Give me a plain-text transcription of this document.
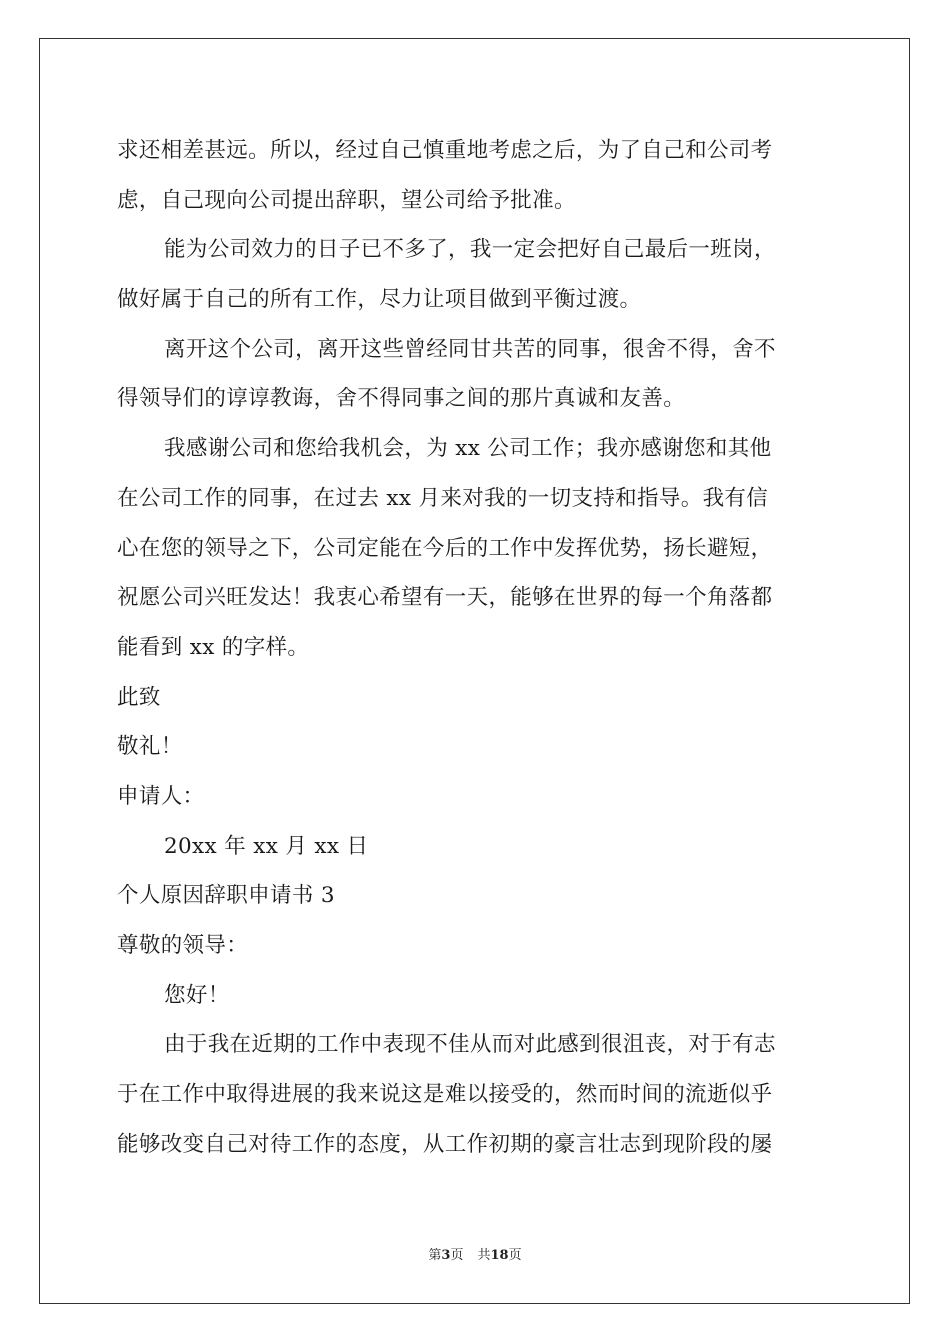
求还相差甚远。所以，经过自己慎重地考虑之后，为了自己和公司考
虑，自己现向公司提出辞职，望公司给予批准。
能为公司效力的日子已不多了，我一定会把好自己最后一班岗，
做好属于自己的所有工作，尽力让项目做到平衡过渡。
离开这个公司，离开这些曾经同甘共苦的同事，很舍不得，舍不
得领导们的谆谆教诲，舍不得同事之间的那片真诚和友善。
我感谢公司和您给我机会，为 xx 公司工作；我亦感谢您和其他
在公司工作的同事，在过去 xx 月来对我的一切支持和指导。我有信
心在您的领导之下，公司定能在今后的工作中发挥优势，扬长避短，
祝愿公司兴旺发达！我衷心希望有一天，能够在世界的每一个角落都
能看到 xx 的字样。
此致
敬礼！
申请人：
20xx 年 xx 月 xx 日
个人原因辞职申请书 3
尊敬的领导：
您好！
由于我在近期的工作中表现不佳从而对此感到很沮丧，对于有志
于在工作中取得进展的我来说这是难以接受的，然而时间的流逝似乎
能够改变自己对待工作的态度，从工作初期的豪言壮志到现阶段的屡
第3页 共18页
